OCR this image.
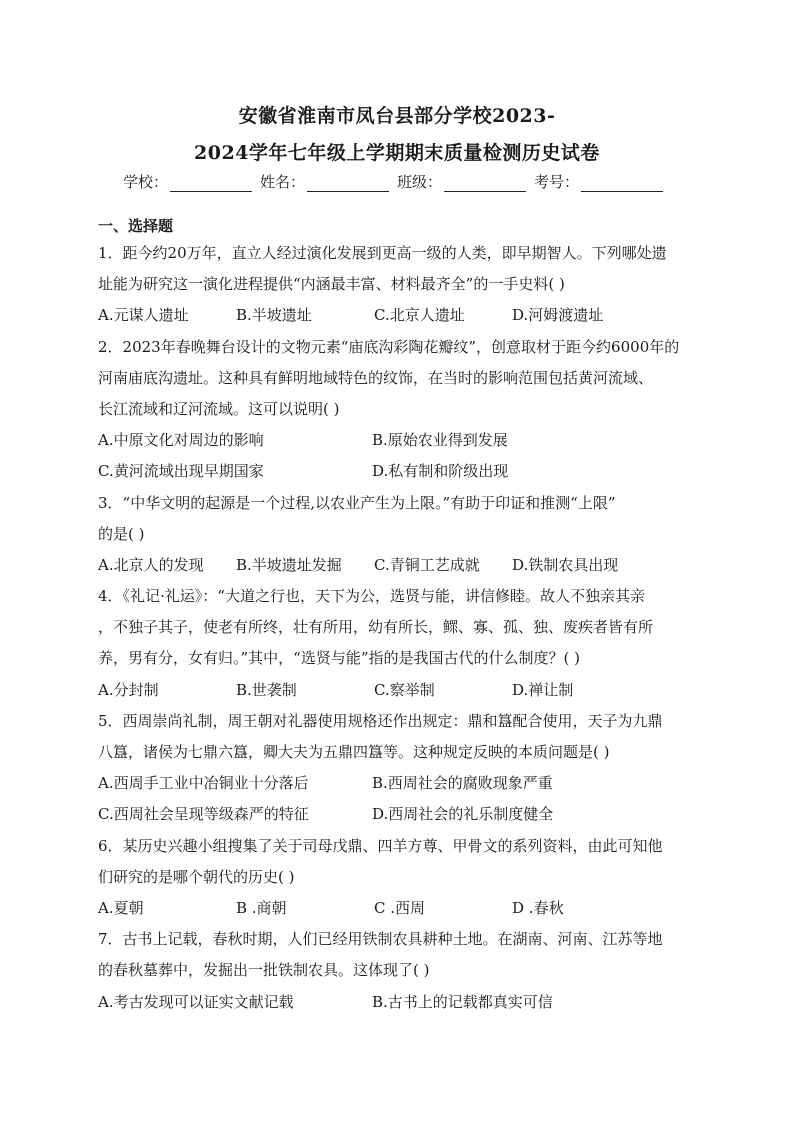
安徽省淮南市凤台县部分学校2023-
2024学年七年级上学期期末质量检测历史试卷
学校：	姓名：	班级：	考号：
一、选择题
1．距今约20万年，直立人经过演化发展到更高一级的人类，即早期智人。下列哪处遗
址能为研究这一演化进程提供“内涵最丰富、材料最齐全”的一手史料( )
A.元谋人遗址	B.半坡遗址	C.北京人遗址	D.河姆渡遗址
2．2023年春晚舞台设计的文物元素“庙底沟彩陶花瓣纹”，创意取材于距今约6000年的
河南庙底沟遗址。这种具有鲜明地域特色的纹饰，在当时的影响范围包括黄河流域、
长江流域和辽河流域。这可以说明( )
A.中原文化对周边的影响	B.原始农业得到发展
C.黄河流域出现早期国家	D.私有制和阶级出现
3．“中华文明的起源是一个过程,以农业产生为上限。”有助于印证和推测“上限”
的是( )
A.北京人的发现	B.半坡遗址发掘	C.青铜工艺成就	D.铁制农具出现
4．《礼记·礼运》：“大道之行也，天下为公，选贤与能，讲信修睦。故人不独亲其亲
，不独子其子，使老有所终，壮有所用，幼有所长，鳏、寡、孤、独、废疾者皆有所
养，男有分，女有归。”其中，“选贤与能”指的是我国古代的什么制度？( )
A.分封制	B.世袭制	C.察举制	D.禅让制
5．西周崇尚礼制，周王朝对礼器使用规格还作出规定：鼎和簋配合使用，天子为九鼎
八簋，诸侯为七鼎六簋，卿大夫为五鼎四簋等。这种规定反映的本质问题是( )
A.西周手工业中冶铜业十分落后	B.西周社会的腐败现象严重
C.西周社会呈现等级森严的特征	D.西周社会的礼乐制度健全
6．某历史兴趣小组搜集了关于司母戊鼎、四羊方尊、甲骨文的系列资料，由此可知他
们研究的是哪个朝代的历史( )
A.夏朝	B .商朝	C .西周	D .春秋
7．古书上记载，春秋时期，人们已经用铁制农具耕种土地。在湖南、河南、江苏等地
的春秋墓葬中，发掘出一批铁制农具。这体现了( )
A.考古发现可以证实文献记载	B.古书上的记载都真实可信
